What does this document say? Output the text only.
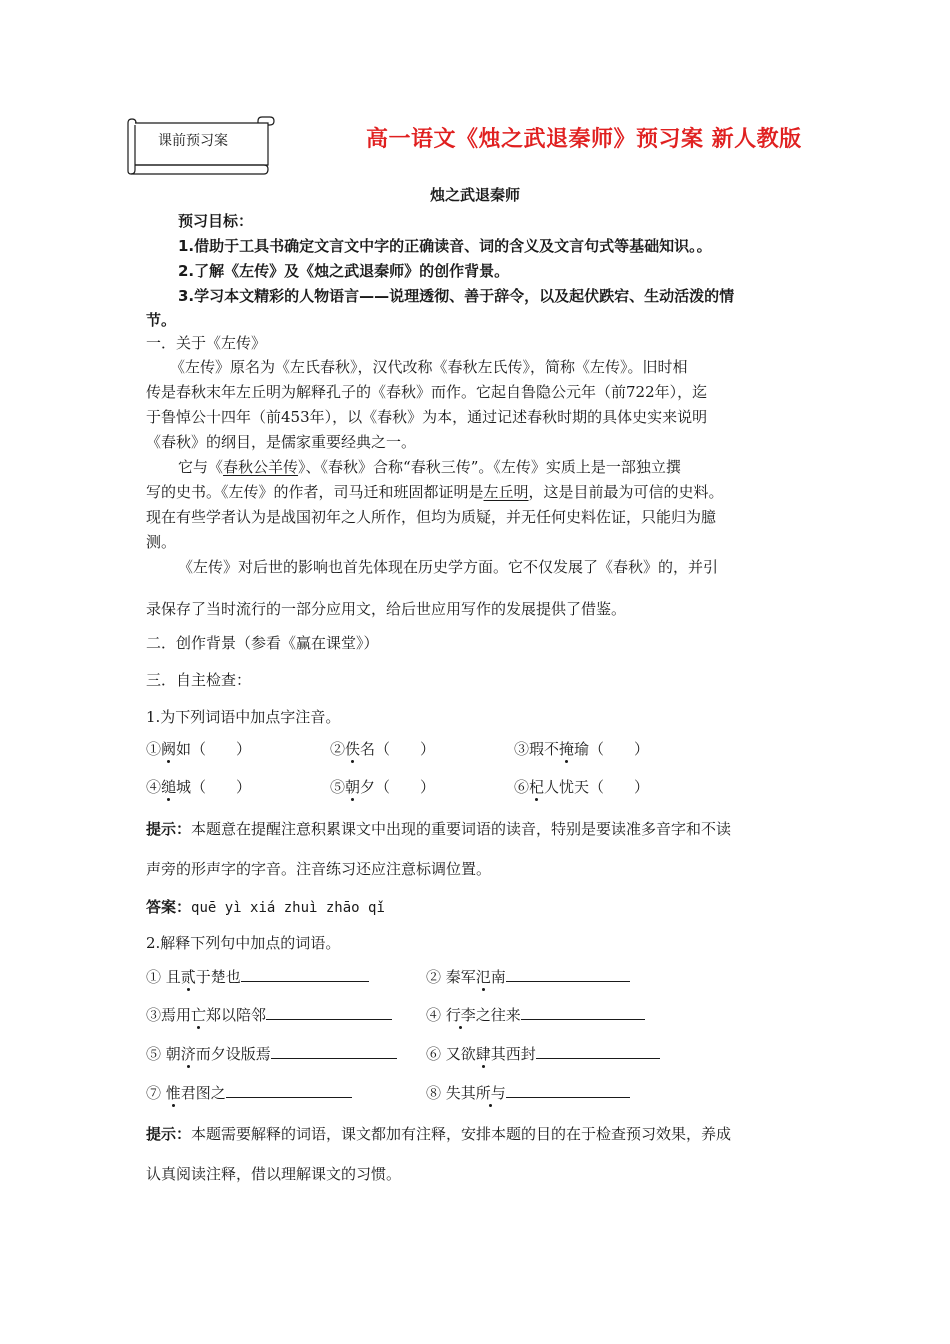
课前预习案	高一语文《烛之武退秦师》预习案 新人教版
烛之武退秦师
预习目标：
1.借助于工具书确定文言文中字的正确读音、词的含义及文言句式等基础知识。。
2.了解《左传》及《烛之武退秦师》的创作背景。
3.学习本文精彩的人物语言——说理透彻、善于辞令，以及起伏跌宕、生动活泼的情
节。
一．关于《左传》
《左传》原名为《左氏春秋》，汉代改称《春秋左氏传》，简称《左传》。旧时相
传是春秋末年左丘明为解释孔子的《春秋》而作。它起自鲁隐公元年（前722年），迄
于鲁悼公十四年（前453年），以《春秋》为本，通过记述春秋时期的具体史实来说明
《春秋》的纲目，是儒家重要经典之一。
它与《春秋公羊传》、《春秋》合称“春秋三传”。《左传》实质上是一部独立撰
写的史书。《左传》的作者，司马迁和班固都证明是左丘明，这是目前最为可信的史料。
现在有些学者认为是战国初年之人所作，但均为质疑，并无任何史料佐证，只能归为臆
测。
《左传》对后世的影响也首先体现在历史学方面。它不仅发展了《春秋》的，并引
录保存了当时流行的一部分应用文，给后世应用写作的发展提供了借鉴。
二．创作背景（参看《赢在课堂》）
三．自主检查：
1.为下列词语中加点字注音。
①阙如（　　）	②佚名（　　）	③瑕不掩瑜（　　）
④缒城（　　）	⑤朝夕（　　）	⑥杞人忧天（　　）
提示：本题意在提醒注意积累课文中出现的重要词语的读音，特别是要读准多音字和不读
声旁的形声字的字音。注音练习还应注意标调位置。
答案：quē yì xiá zhuì zhāo qǐ
2.解释下列句中加点的词语。
① 且贰于楚也	② 秦军氾南
③焉用亡郑以陪邻	④ 行李之往来
⑤ 朝济而夕设版焉	⑥ 又欲肆其西封
⑦ 惟君图之	⑧ 失其所与
提示：本题需要解释的词语，课文都加有注释，安排本题的目的在于检查预习效果，养成
认真阅读注释，借以理解课文的习惯。
